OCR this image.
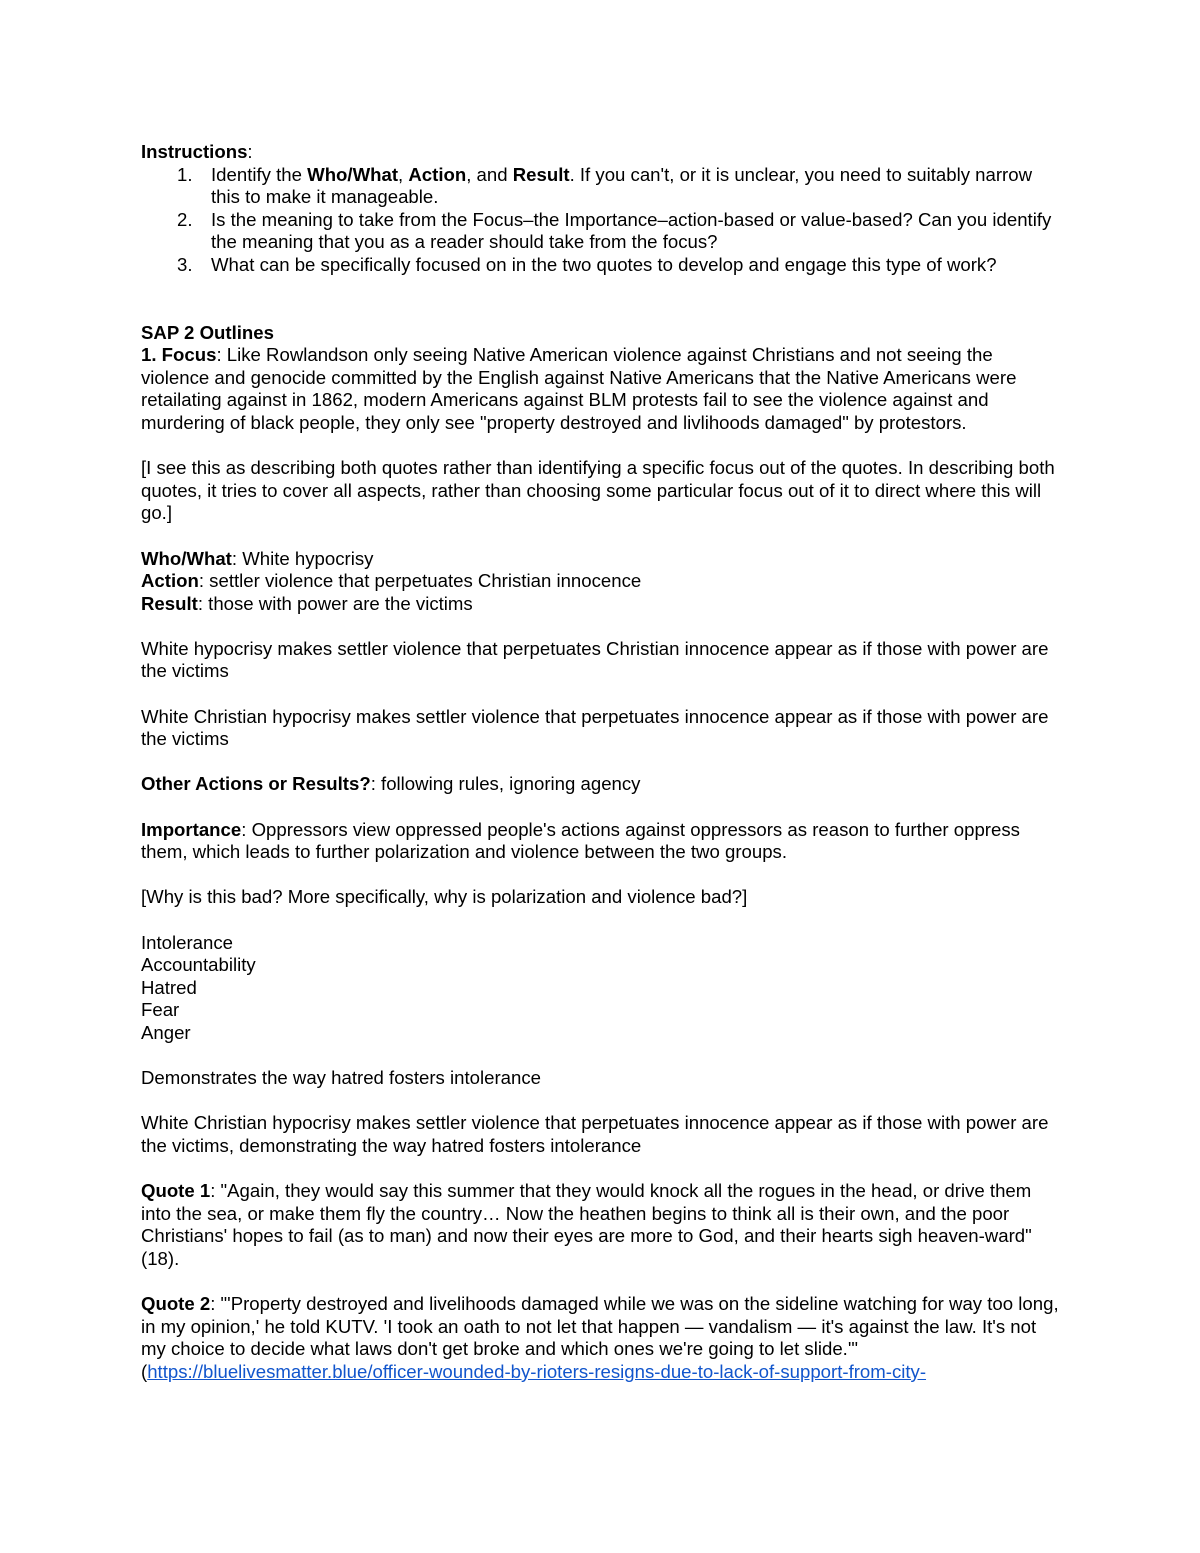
Instructions:

1. Identify the Who/What, Action, and Result. If you can't, or it is unclear, you need to suitably narrow this to make it manageable.
2. Is the meaning to take from the Focus–the Importance–action-based or value-based? Can you identify the meaning that you as a reader should take from the focus?
3. What can be specifically focused on in the two quotes to develop and engage this type of work?

SAP 2 Outlines

1. Focus: Like Rowlandson only seeing Native American violence against Christians and not seeing the violence and genocide committed by the English against Native Americans that the Native Americans were retailating against in 1862, modern Americans against BLM protests fail to see the violence against and murdering of black people, they only see "property destroyed and livlihoods damaged" by protestors.

[I see this as describing both quotes rather than identifying a specific focus out of the quotes. In describing both quotes, it tries to cover all aspects, rather than choosing some particular focus out of it to direct where this will go.]

Who/What: White hypocrisy

Action: settler violence that perpetuates Christian innocence

Result: those with power are the victims

White hypocrisy makes settler violence that perpetuates Christian innocence appear as if those with power are the victims

White Christian hypocrisy makes settler violence that perpetuates innocence appear as if those with power are the victims

Other Actions or Results?: following rules, ignoring agency

Importance: Oppressors view oppressed people's actions against oppressors as reason to further oppress them, which leads to further polarization and violence between the two groups.

[Why is this bad? More specifically, why is polarization and violence bad?]

Intolerance

Accountability

Hatred

Fear

Anger

Demonstrates the way hatred fosters intolerance

White Christian hypocrisy makes settler violence that perpetuates innocence appear as if those with power are the victims, demonstrating the way hatred fosters intolerance

Quote 1: "Again, they would say this summer that they would knock all the rogues in the head, or drive them into the sea, or make them fly the country… Now the heathen begins to think all is their own, and the poor Christians' hopes to fail (as to man) and now their eyes are more to God, and their hearts sigh heaven-ward" (18).

Quote 2: "'Property destroyed and livelihoods damaged while we was on the sideline watching for way too long, in my opinion,' he told KUTV. 'I took an oath to not let that happen — vandalism — it's against the law. It's not my choice to decide what laws don't get broke and which ones we're going to let slide.'" (https://bluelivesmatter.blue/officer-wounded-by-rioters-resigns-due-to-lack-of-support-from-city-
